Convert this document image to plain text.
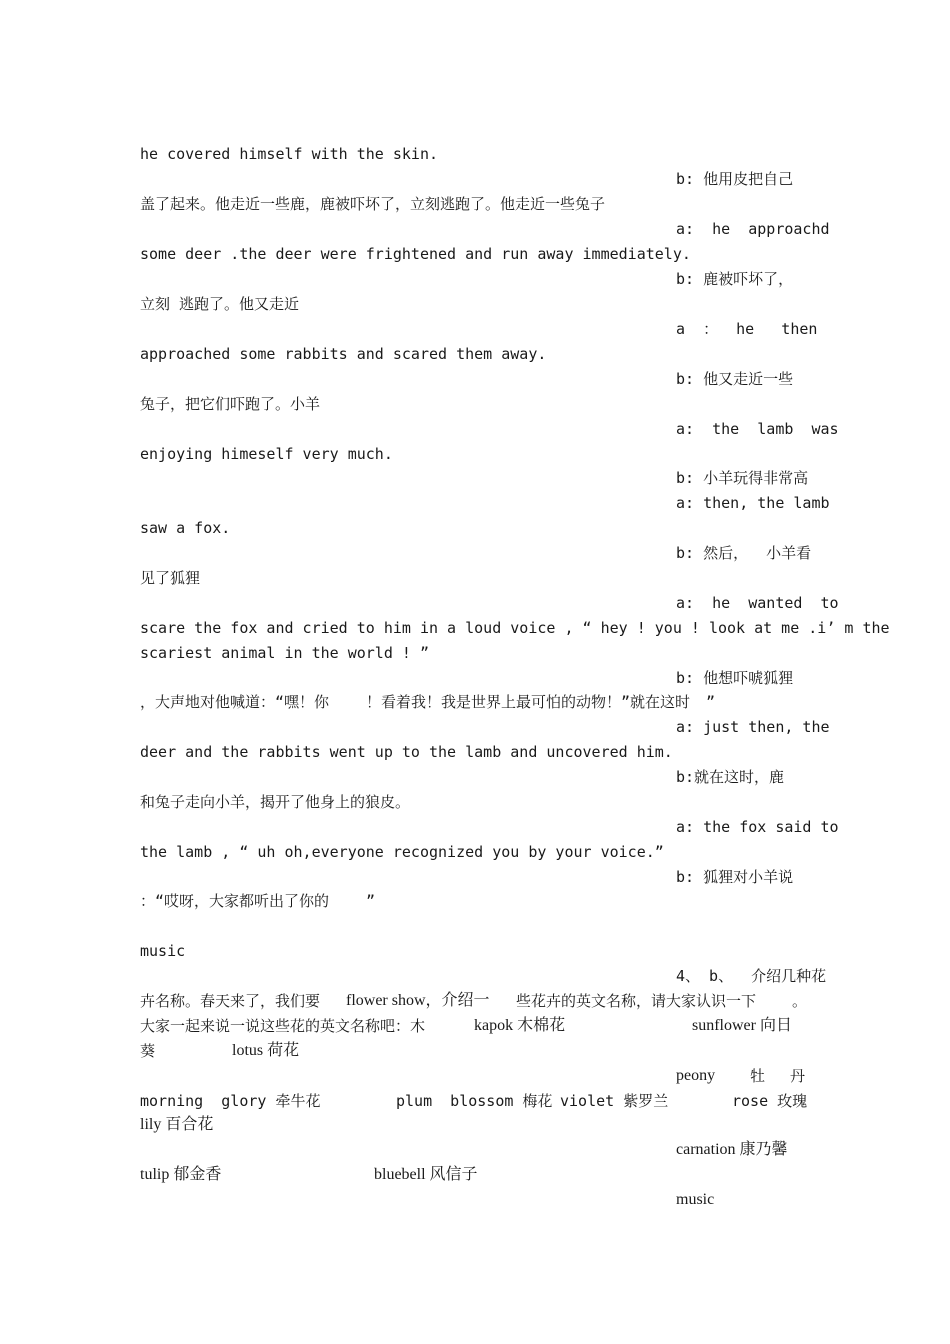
he covered himself with the skin.
b: 他用皮把自己
盖了起来。他走近一些鹿，鹿被吓坏了，立刻逃跑了。他走近一些兔子
a:  he  approachd
some deer .the deer were frightened and run away immediately.
b: 鹿被吓坏了，
立刻 逃跑了。他又走近
a  ：  he   then
approached some rabbits and scared them away.
b: 他又走近一些
兔子，把它们吓跑了。小羊
a:  the  lamb  was
enjoying himeself very much.
b: 小羊玩得非常高
a: then, the lamb
saw a fox.
b: 然后，  小羊看
见了狐狸
a:  he  wanted  to
scare the fox and cried to him in a loud voice , “ hey ! you ! look at me .i’ m the
scariest animal in the world ! ”
b: 他想吓唬狐狸
，大声地对他喊道：“嘿！你 ！看着我！我是世界上最可怕的动物！”就在这时 ”
a: just then, the
deer and the rabbits went up to the lamb and uncovered him.
b:就在这时，鹿
和兔子走向小羊，揭开了他身上的狼皮。
a: the fox said to
the lamb , “ uh oh,everyone recognized you by your voice.”
b: 狐狸对小羊说
：“哎呀，大家都听出了你的 ”
music
4、 b、  介绍几种花
卉名称。春天来了，我们要 flower show，介绍一 些花卉的英文名称，请大家认识一下 。
大家一起来说一说这些花的英文名称吧：木	kapok 木棉花	sunflower 向日
葵	lotus 荷花
peony 牡 丹
morning  glory 牵牛花	plum  blossom 梅花 violet 紫罗兰	rose 玫瑰
lily 百合花
carnation 康乃馨
tulip 郁金香	bluebell 风信子
music
